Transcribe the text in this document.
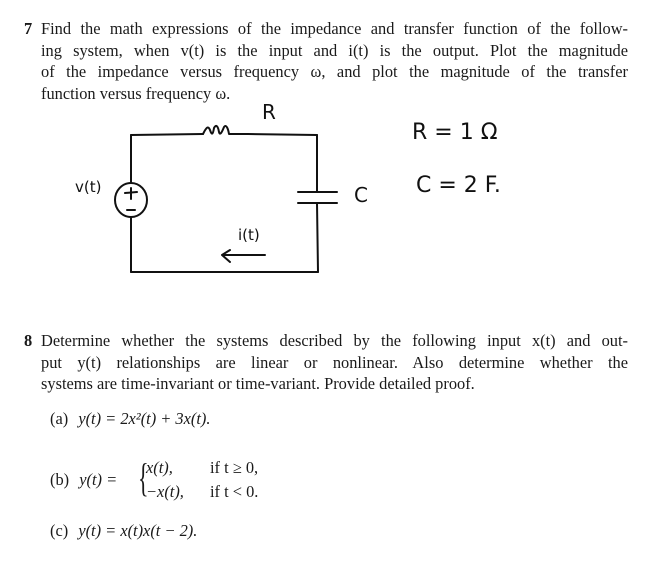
7 Find the math expressions of the impedance and transfer function of the follow-
ing system, when v(t) is the input and i(t) is the output. Plot the magnitude
of the impedance versus frequency ω, and plot the magnitude of the transfer
function versus frequency ω.
R
v(t)	C
i(t)
R = 1 Ω
C = 2 F.
8 Determine whether the systems described by the following input x(t) and out-
put y(t) relationships are linear or nonlinear. Also determine whether the
systems are time-invariant or time-variant. Provide detailed proof.
(a) y(t) = 2x²(t) + 3x(t).
(b) y(t) = {
x(t), if t ≥ 0,
−x(t), if t < 0.
(c) y(t) = x(t)x(t − 2).
